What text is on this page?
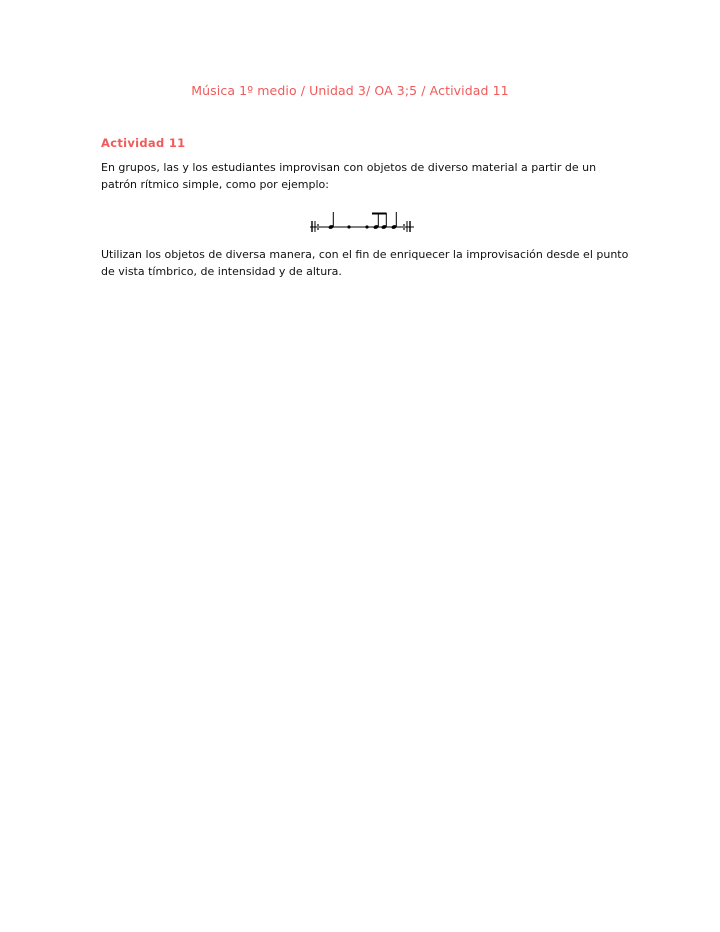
Música 1º medio / Unidad 3/ OA 3;5 / Actividad 11
Actividad 11

En grupos, las y los estudiantes improvisan con objetos de diverso material a partir de un patrón rítmico simple, como por ejemplo:

Utilizan los objetos de diversa manera, con el fin de enriquecer la improvisación desde el punto de vista tímbrico, de intensidad y de altura.
